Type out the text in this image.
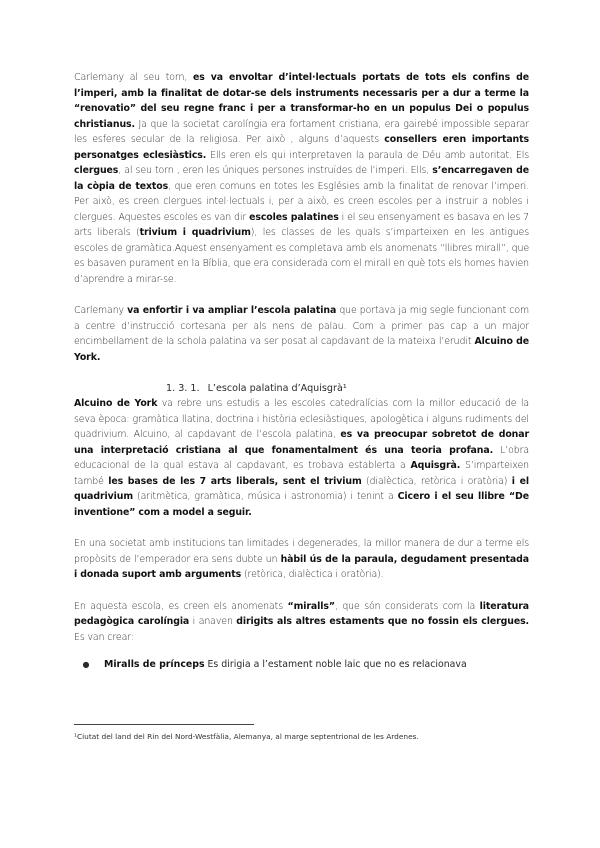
Carlemany al seu torn, es va envoltar d’intel·lectuals portats de tots els confins de l’imperi, amb la finalitat de dotar-se dels instruments necessaris per a dur a terme la “renovatio” del seu regne franc i per a transformar-ho en un populus Dei o populus christianus. Ja que la societat carolíngia era fortament cristiana, era gairebé impossible separar les esferes secular de la religiosa. Per això , alguns d’aquests consellers eren importants personatges eclesiàstics. Ells eren els qui interpretaven la paraula de Déu amb autoritat. Els clergues, al seu torn , eren les úniques persones instruïdes de l’imperi. Ells, s’encarregaven de la còpia de textos, que eren comuns en totes les Esglésies amb la finalitat de renovar l’imperi. Per això, es creen clergues intel·lectuals i, per a això, es creen escoles per a instruir a nobles i clergues. Aquestes escoles es van dir escoles palatines i el seu ensenyament es basava en les 7 arts liberals (trivium i quadrivium), les classes de les quals s’imparteixen en les antigues escoles de gramàtica.Aquest ensenyament es completava amb els anomenats “llibres mirall”, que es basaven purament en la Bíblia, que era considerada com el mirall en què tots els homes havien d’aprendre a mirar-se.

Carlemany va enfortir i va ampliar l’escola palatina que portava ja mig segle funcionant com a centre d’instrucció cortesana per als nens de palau. Com a primer pas cap a un major encimbellament de la schola palatina va ser posat al capdavant de la mateixa l’erudit Alcuino de York.

1. 3. 1. L’escola palatina d’Aquisgrà¹

Alcuino de York va rebre uns estudis a les escoles catedralícias com la millor educació de la seva època: gramàtica llatina, doctrina i història eclesiàstiques, apologètica i alguns rudiments del quadrivium. Alcuino, al capdavant de l’escola palatina, es va preocupar sobretot de donar una interpretació cristiana al que fonamentalment és una teoria profana. L’obra educacional de la qual estava al capdavant, es trobava establerta a Aquisgrà. S’imparteixen també les bases de les 7 arts liberals, sent el trivium (dialèctica, retòrica i oratòria) i el quadrivium (aritmètica, gramàtica, música i astronomia) i tenint a Cicero i el seu llibre “De inventione” com a model a seguir.

En una societat amb institucions tan limitades i degenerades, la millor manera de dur a terme els propòsits de l’emperador era sens dubte un hàbil ús de la paraula, degudament presentada i donada suport amb arguments (retòrica, dialèctica i oratòria).

En aquesta escola, es creen els anomenats “miralls”, que són considerats com la literatura pedagògica carolíngia i anaven dirigits als altres estaments que no fossin els clergues. Es van crear:

●	Miralls de prínceps Es dirigia a l’estament noble laic que no es relacionava
¹Ciutat del land del Rin del Nord-Westfàlia, Alemanya, al marge septentrional de les Ardenes.
